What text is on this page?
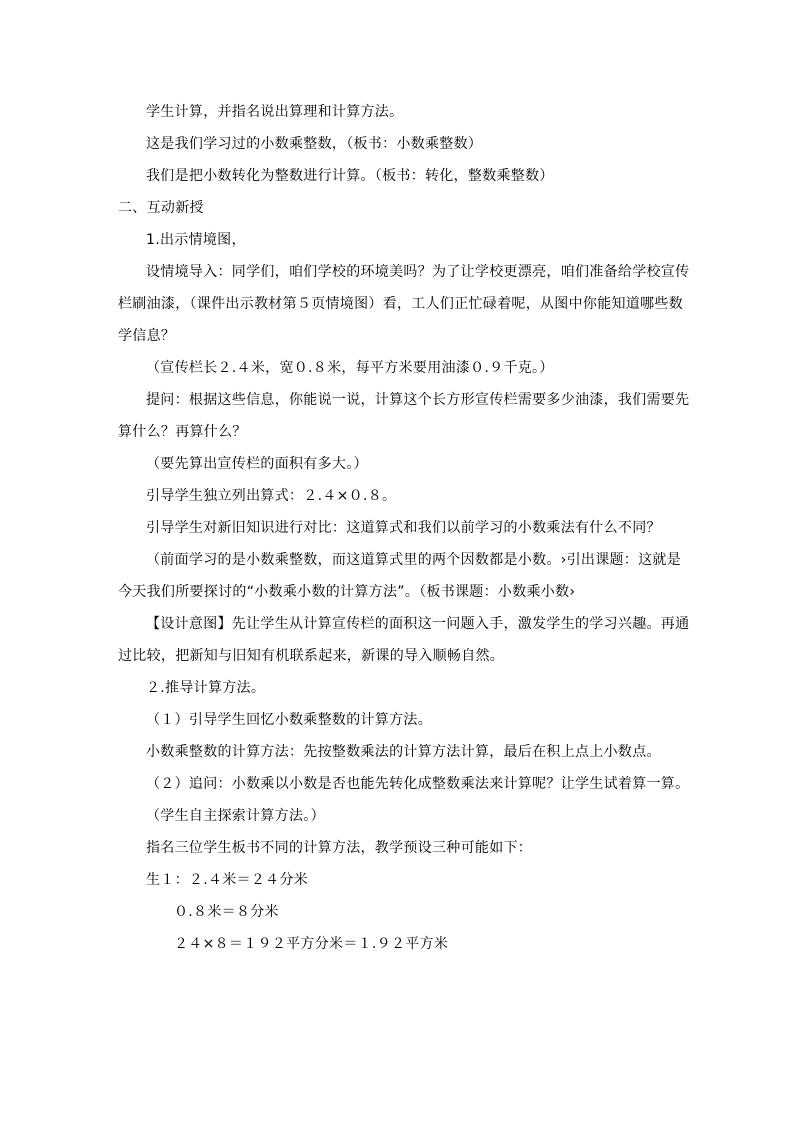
学生计算，并指名说出算理和计算方法。
这是我们学习过的小数乘整数，（板书：小数乘整数）
我们是把小数转化为整数进行计算。（板书：转化，整数乘整数）
二、互动新授
1.出示情境图，
设情境导入：同学们，咱们学校的环境美吗？为了让学校更漂亮，咱们准备给学校宣传
栏刷油漆，（课件出示教材第５页情境图）看，工人们正忙碌着呢，从图中你能知道哪些数
学信息？
（宣传栏长２.４米，宽０.８米，每平方米要用油漆０.９千克。）
提问：根据这些信息，你能说一说，计算这个长方形宣传栏需要多少油漆，我们需要先
算什么？再算什么？
（要先算出宣传栏的面积有多大。）
引导学生独立列出算式：２.４×０.８。
引导学生对新旧知识进行对比：这道算式和我们以前学习的小数乘法有什么不同？
（前面学习的是小数乘整数，而这道算式里的两个因数都是小数。›引出课题：这就是
今天我们所要探讨的“小数乘小数的计算方法”。（板书课题：小数乘小数›
【设计意图】先让学生从计算宣传栏的面积这一问题入手，激发学生的学习兴趣。再通
过比较，把新知与旧知有机联系起来，新课的导入顺畅自然。
２.推导计算方法。
（１）引导学生回忆小数乘整数的计算方法。
小数乘整数的计算方法：先按整数乘法的计算方法计算，最后在积上点上小数点。
（２）追问：小数乘以小数是否也能先转化成整数乘法来计算呢？让学生试着算一算。
（学生自主探索计算方法。）
指名三位学生板书不同的计算方法，教学预设三种可能如下：
生１：２.４米＝２４分米
０.８米＝８分米
２４×８＝１９２平方分米＝１.９２平方米
